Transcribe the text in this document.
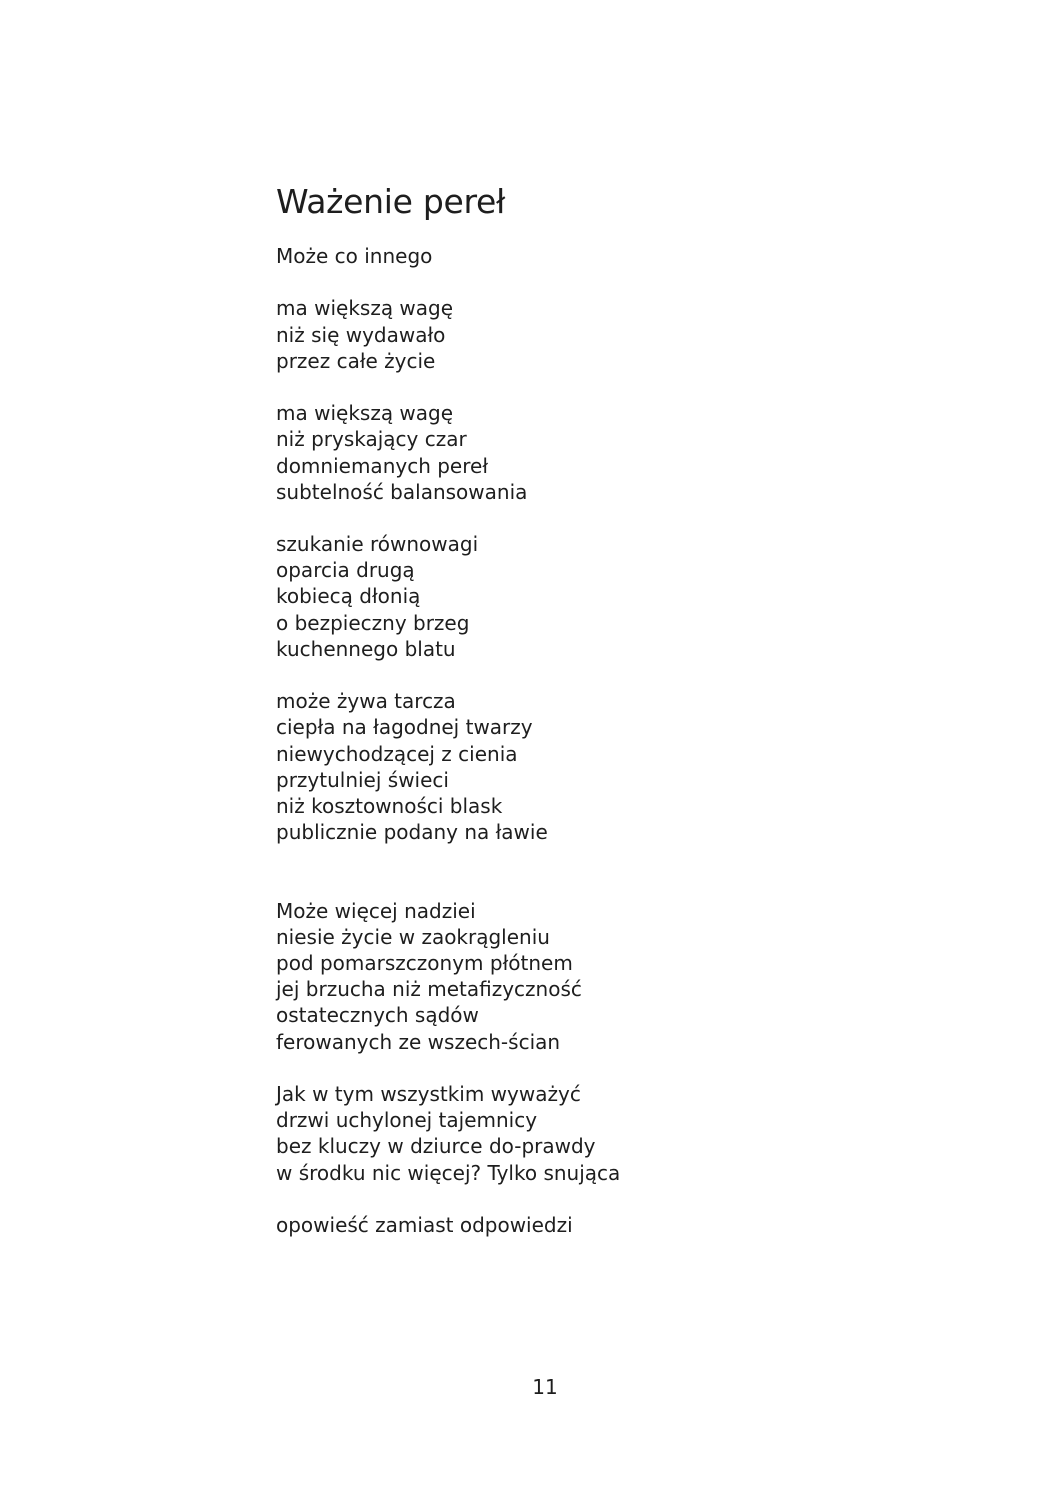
Ważenie pereł
Może co innego
ma większą wagę
niż się wydawało
przez całe życie
ma większą wagę
niż pryskający czar
domniemanych pereł
subtelność balansowania
szukanie równowagi
oparcia drugą
kobiecą dłonią
o bezpieczny brzeg
kuchennego blatu
może żywa tarcza
ciepła na łagodnej twarzy
niewychodzącej z cienia
przytulniej świeci
niż kosztowności blask
publicznie podany na ławie
Może więcej nadziei
niesie życie w zaokrągleniu
pod pomarszczonym płótnem
jej brzucha niż metafizyczność
ostatecznych sądów
ferowanych ze wszech-ścian
Jak w tym wszystkim wyważyć
drzwi uchylonej tajemnicy
bez kluczy w dziurce do-prawdy
w środku nic więcej? Tylko snująca
opowieść zamiast odpowiedzi
11
